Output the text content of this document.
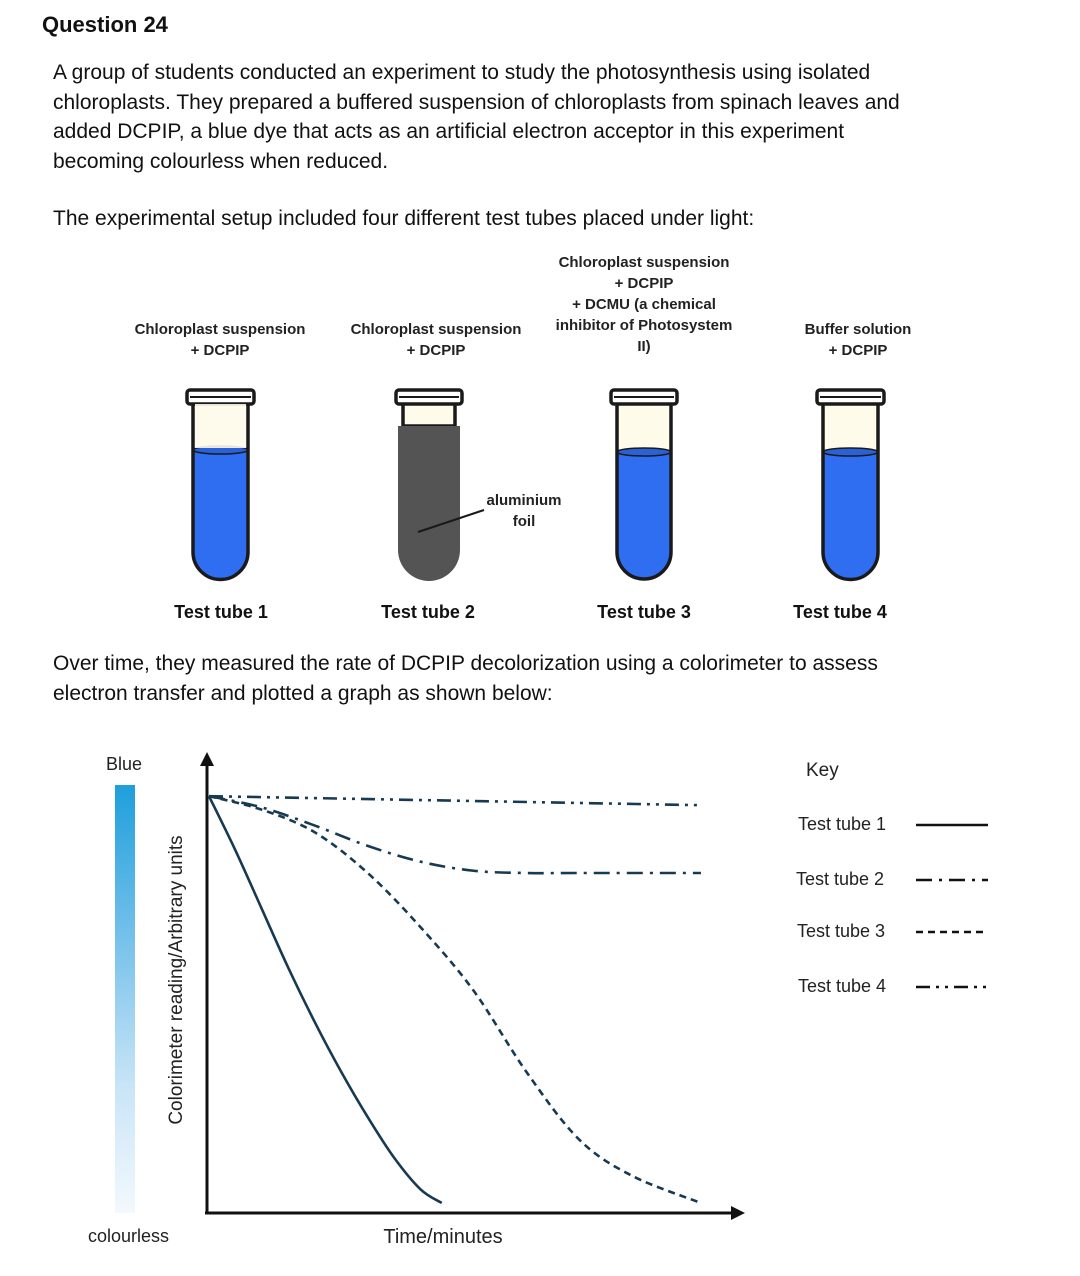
Question 24

A group of students conducted an experiment to study the photosynthesis using isolated

chloroplasts. They prepared a buffered suspension of chloroplasts from spinach leaves and

added DCPIP, a blue dye that acts as an artificial electron acceptor in this experiment

becoming colourless when reduced.

The experimental setup included four different test tubes placed under light:

Chloroplast suspension

+ DCPIP

Chloroplast suspension

+ DCPIP

Chloroplast suspension

+ DCPIP

+ DCMU (a chemical

inhibitor of Photosystem

II)

Buffer solution

+ DCPIP

aluminium

foil

Test tube 1	Test tube 2	Test tube 3	Test tube 4

Over time, they measured the rate of DCPIP decolorization using a colorimeter to assess

electron transfer and plotted a graph as shown below:

Blue
colourless
Colorimeter reading/Arbitrary units
Time/minutes
Key
Test tube 1
Test tube 2
Test tube 3
Test tube 4
